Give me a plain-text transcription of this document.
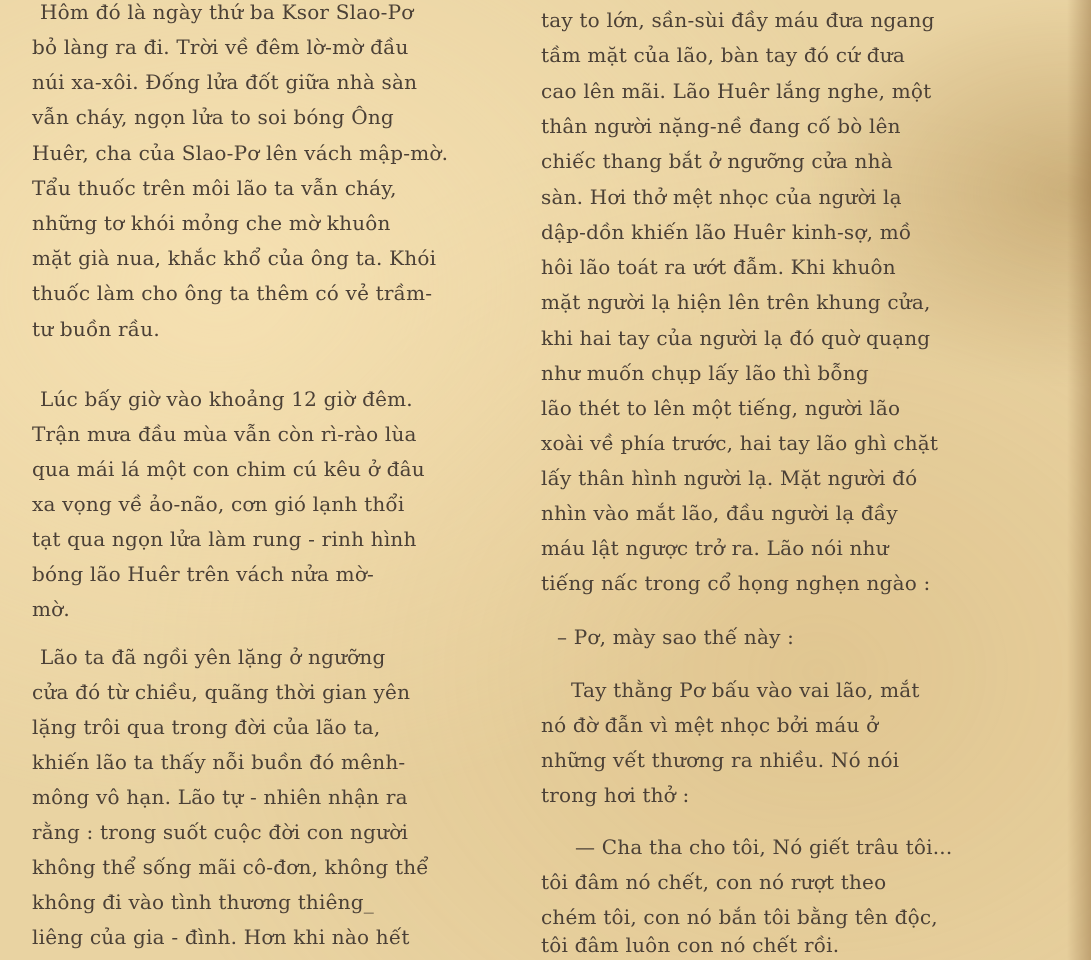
Hôm đó là ngày thứ ba Ksor Slao-Pơ
bỏ làng ra đi. Trời về đêm lờ-mờ đầu
núi xa-xôi. Đống lửa đốt giữa nhà sàn
vẫn cháy, ngọn lửa to soi bóng Ông
Huêr, cha của Slao-Pơ lên vách mập-mờ.
Tẩu thuốc trên môi lão ta vẫn cháy,
những tơ khói mỏng che mờ khuôn
mặt già nua, khắc khổ của ông ta. Khói
thuốc làm cho ông ta thêm có vẻ trầm-
tư buồn rầu.
Lúc bấy giờ vào khoảng 12 giờ đêm.
Trận mưa đầu mùa vẫn còn rì-rào lùa
qua mái lá một con chim cú kêu ở đâu
xa vọng về ảo-não, cơn gió lạnh thổi
tạt qua ngọn lửa làm rung - rinh hình
bóng lão Huêr trên vách nửa mờ-
mờ.
Lão ta đã ngồi yên lặng ở ngưỡng
cửa đó từ chiều, quãng thời gian yên
lặng trôi qua trong đời của lão ta,
khiến lão ta thấy nỗi buồn đó mênh-
mông vô hạn. Lão tự - nhiên nhận ra
rằng : trong suốt cuộc đời con người
không thể sống mãi cô-đơn, không thể
không đi vào tình thương thiêng_
liêng của gia - đình. Hơn khi nào hết
tay to lớn, sần-sùi đầy máu đưa ngang
tầm mặt của lão, bàn tay đó cứ đưa
cao lên mãi. Lão Huêr lắng nghe, một
thân người nặng-nề đang cố bò lên
chiếc thang bắt ở ngưỡng cửa nhà
sàn. Hơi thở mệt nhọc của người lạ
dập-dồn khiến lão Huêr kinh-sợ, mồ
hôi lão toát ra ướt đẫm. Khi khuôn
mặt người lạ hiện lên trên khung cửa,
khi hai tay của người lạ đó quờ quạng
như muốn chụp lấy lão thì bỗng
lão thét to lên một tiếng, người lão
xoài về phía trước, hai tay lão ghì chặt
lấy thân hình người lạ. Mặt người đó
nhìn vào mắt lão, đầu người lạ đầy
máu lật ngược trở ra. Lão nói như
tiếng nấc trong cổ họng nghẹn ngào :
– Pơ, mày sao thế này :
Tay thằng Pơ bấu vào vai lão, mắt
nó đờ đẫn vì mệt nhọc bởi máu ở
những vết thương ra nhiều. Nó nói
trong hơi thở :
— Cha tha cho tôi, Nó giết trâu tôi...
tôi đâm nó chết, con nó rượt theo
chém tôi, con nó bắn tôi bằng tên độc,
tôi đâm luôn con nó chết rồi.
